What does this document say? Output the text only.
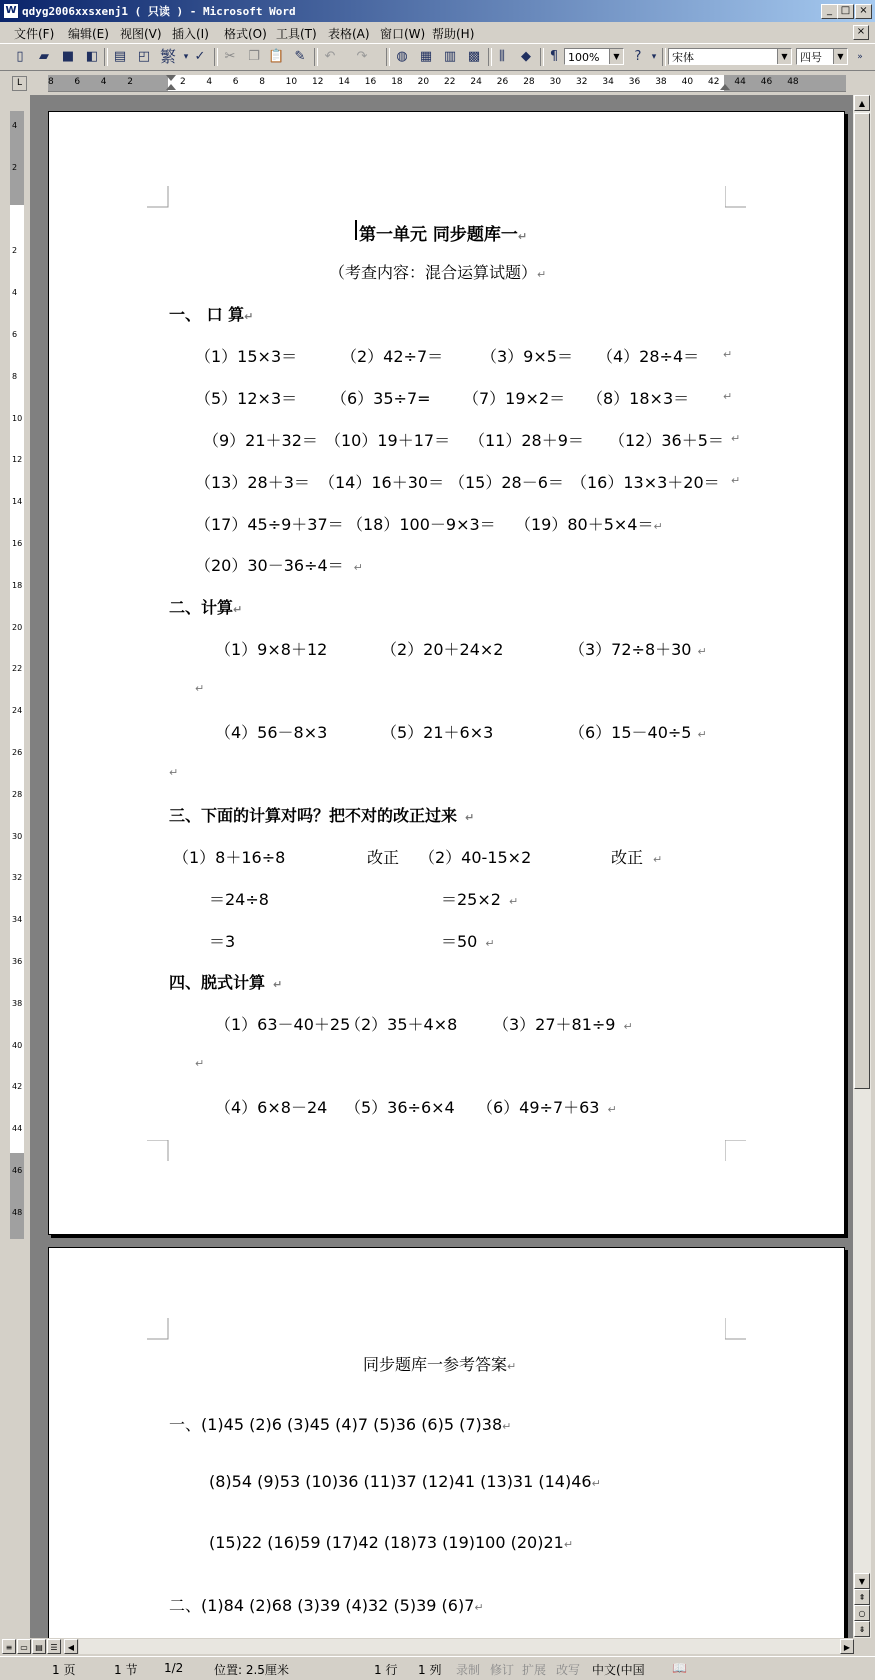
W qdyg2006xxsxenj1 ( 只读 ) - Microsoft Word	_ □ ×
文件(F) 编辑(E) 视图(V) 插入(I) 格式(O) 工具(T) 表格(A) 窗口(W) 帮助(H)	×
▯	▰ ■ ◧ ▤ ◰ 繁 ▾ ✓ ✂ ❐ 📋 ✎ ↶ ↷ ◍ ▦ ▥ ▩	⫼	◆ ¶ 100%	▼	?	▾	宋体	▼	四号	▼	»
L	8 6 4 2	2 4 6 8 10 12 14 16 18 20 22 24 26 28 30 32 34 36 38 40 42 44 46 48
4
2
2
4
6
8
10
12
14
16
18
20
22
24
26
28
30
32
34
36
38
40
42
44
46
48
第一单元 同步题库一↵
（考查内容：混合运算试题）↵
一、 口 算↵
（1）15×3＝	（2）42÷7＝ （3）9×5＝ （4）28÷4＝ ↵
（5）12×3＝ （6）35÷7= （7）19×2＝ （8）18×3＝	↵
（9）21＋32＝ （10）19＋17＝ （11）28＋9＝ （12）36＋5＝ ↵
（13）28＋3＝ （14）16＋30＝ （15）28－6＝ （16）13×3＋20＝ ↵
（17）45÷9＋37＝ （18）100－9×3＝ （19）80＋5×4＝↵
（20）30－36÷4＝ ↵
二、计算↵
（1）9×8＋12	（2）20＋24×2	（3）72÷8＋30 ↵
↵
（4）56－8×3	（5）21＋6×3	（6）15－40÷5 ↵
↵
三、下面的计算对吗？把不对的改正过来 ↵
（1）8＋16÷8	改正 （2）40-15×2	改正 ↵
＝24÷8	＝25×2 ↵
＝3	＝50 ↵
四、脱式计算 ↵
（1）63－40＋25
（2）35＋4×8 （3）27＋81÷9 ↵
↵
（4）6×8－24 （5）36÷6×4 （6）49÷7＋63 ↵
同步题库一参考答案↵
一、(1)45 (2)6 (3)45 (4)7 (5)36 (6)5 (7)38↵
(8)54 (9)53 (10)36 (11)37 (12)41 (13)31 (14)46↵
(15)22 (16)59 (17)42 (18)73 (19)100 (20)21↵
二、(1)84 (2)68 (3)39 (4)32 (5)39 (6)7↵
▲
▼
⇞
○
⇟
≡ ▭ ▤ ☰	◀	▶
1 页	1 节 1/2	位置: 2.5厘米	1 行 1 列 录制 修订 扩展 改写 中文(中国 📖
